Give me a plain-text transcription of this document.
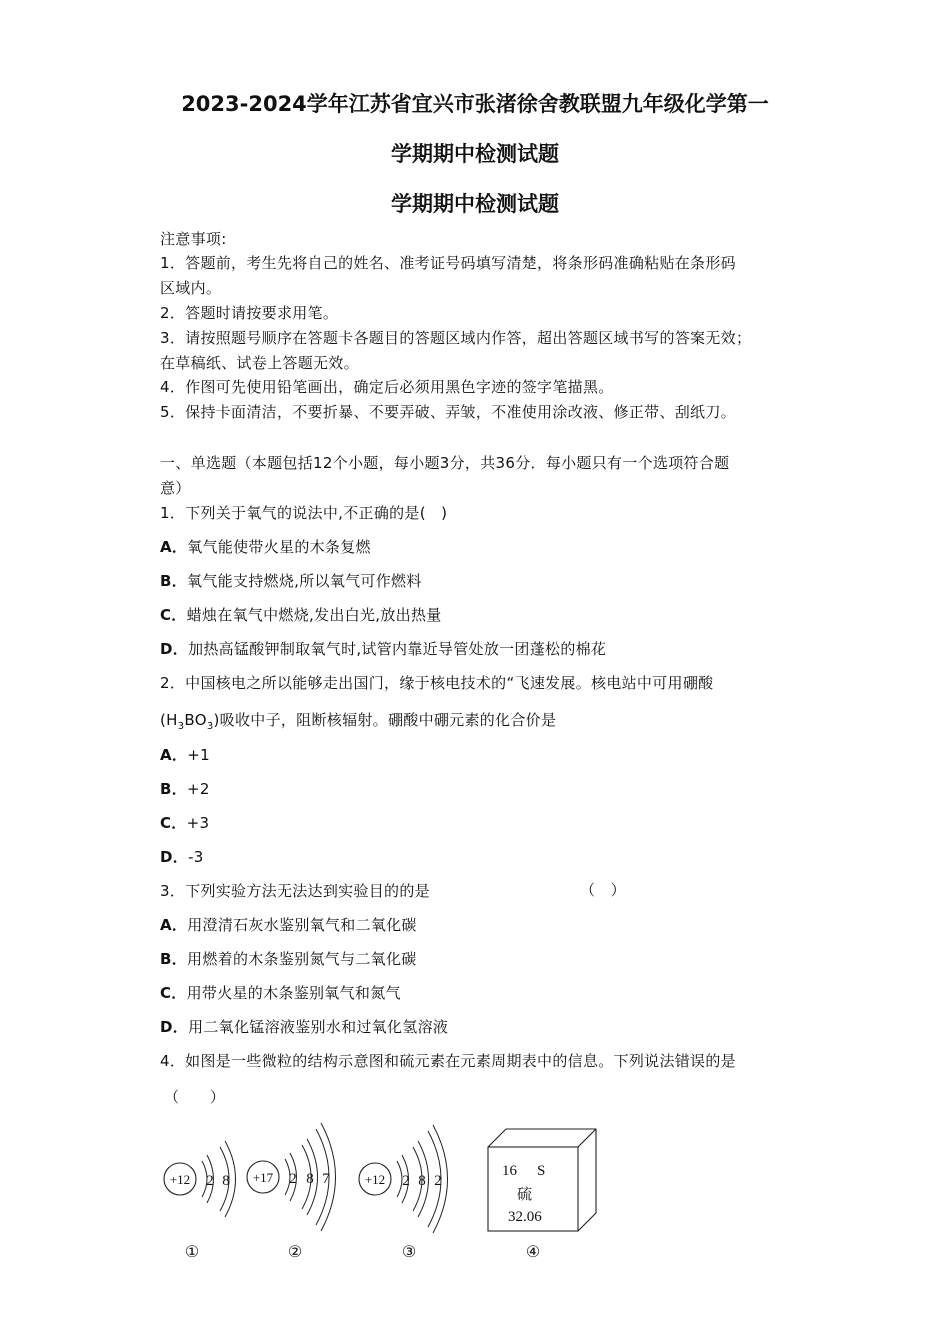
2023-2024学年江苏省宜兴市张渚徐舍教联盟九年级化学第一
学期期中检测试题
学期期中检测试题
注意事项:
1．答题前，考生先将自己的姓名、准考证号码填写清楚，将条形码准确粘贴在条形码
区域内。
2．答题时请按要求用笔。
3．请按照题号顺序在答题卡各题目的答题区域内作答，超出答题区域书写的答案无效；
在草稿纸、试卷上答题无效。
4．作图可先使用铅笔画出，确定后必须用黑色字迹的签字笔描黑。
5．保持卡面清洁，不要折暴、不要弄破、弄皱，不准使用涂改液、修正带、刮纸刀。
一、单选题（本题包括12个小题，每小题3分，共36分．每小题只有一个选项符合题
意）
1．下列关于氧气的说法中,不正确的是(　)
A．氧气能使带火星的木条复燃
B．氧气能支持燃烧,所以氧气可作燃料
C．蜡烛在氧气中燃烧,发出白光,放出热量
D．加热高锰酸钾制取氧气时,试管内靠近导管处放一团蓬松的棉花
2．中国核电之所以能够走出国门，缘于核电技术的“飞速发展。核电站中可用硼酸
$(H_3BO_3)$吸收中子，阻断核辐射。硼酸中硼元素的化合价是
A．+1
B．+2
C．+3
D．-3
3．下列实验方法无法达到实验目的的是	（　）
A．用澄清石灰水鉴别氧气和二氧化碳
B．用燃着的木条鉴别氮气与二氧化碳
C．用带火星的木条鉴别氧气和氮气
D．用二氧化锰溶液鉴别水和过氧化氢溶液
4．如图是一些微粒的结构示意图和硫元素在元素周期表中的信息。下列说法错误的是
（　　）
+12 2 8
①
+17 2 8 7
②
+12 2 8 2
③
16 S
硫
32.06
④
